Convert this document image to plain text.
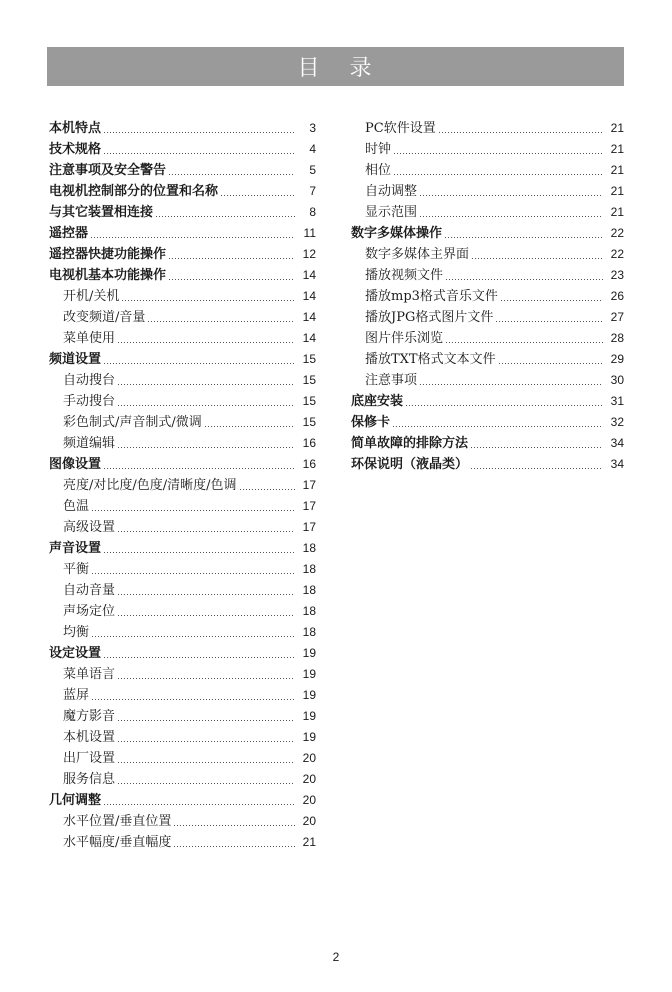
目 录
本机特点	3
技术规格	4
注意事项及安全警告	5
电视机控制部分的位置和名称	7
与其它装置相连接	8
遥控器	11
遥控器快捷功能操作	12
电视机基本功能操作	14
开机/关机	14
改变频道/音量	14
菜单使用	14
频道设置	15
自动搜台	15
手动搜台	15
彩色制式/声音制式/微调	15
频道编辑	16
图像设置	16
亮度/对比度/色度/清晰度/色调	17
色温	17
高级设置	17
声音设置	18
平衡	18
自动音量	18
声场定位	18
均衡	18
设定设置	19
菜单语言	19
蓝屏	19
魔方影音	19
本机设置	19
出厂设置	20
服务信息	20
几何调整	20
水平位置/垂直位置	20
水平幅度/垂直幅度	21
PC软件设置	21
时钟	21
相位	21
自动调整	21
显示范围	21
数字多媒体操作	22
数字多媒体主界面	22
播放视频文件	23
播放mp3格式音乐文件	26
播放JPG格式图片文件	27
图片伴乐浏览	28
播放TXT格式文本文件	29
注意事项	30
底座安装	31
保修卡	32
简单故障的排除方法	34
环保说明（液晶类）	34
2
